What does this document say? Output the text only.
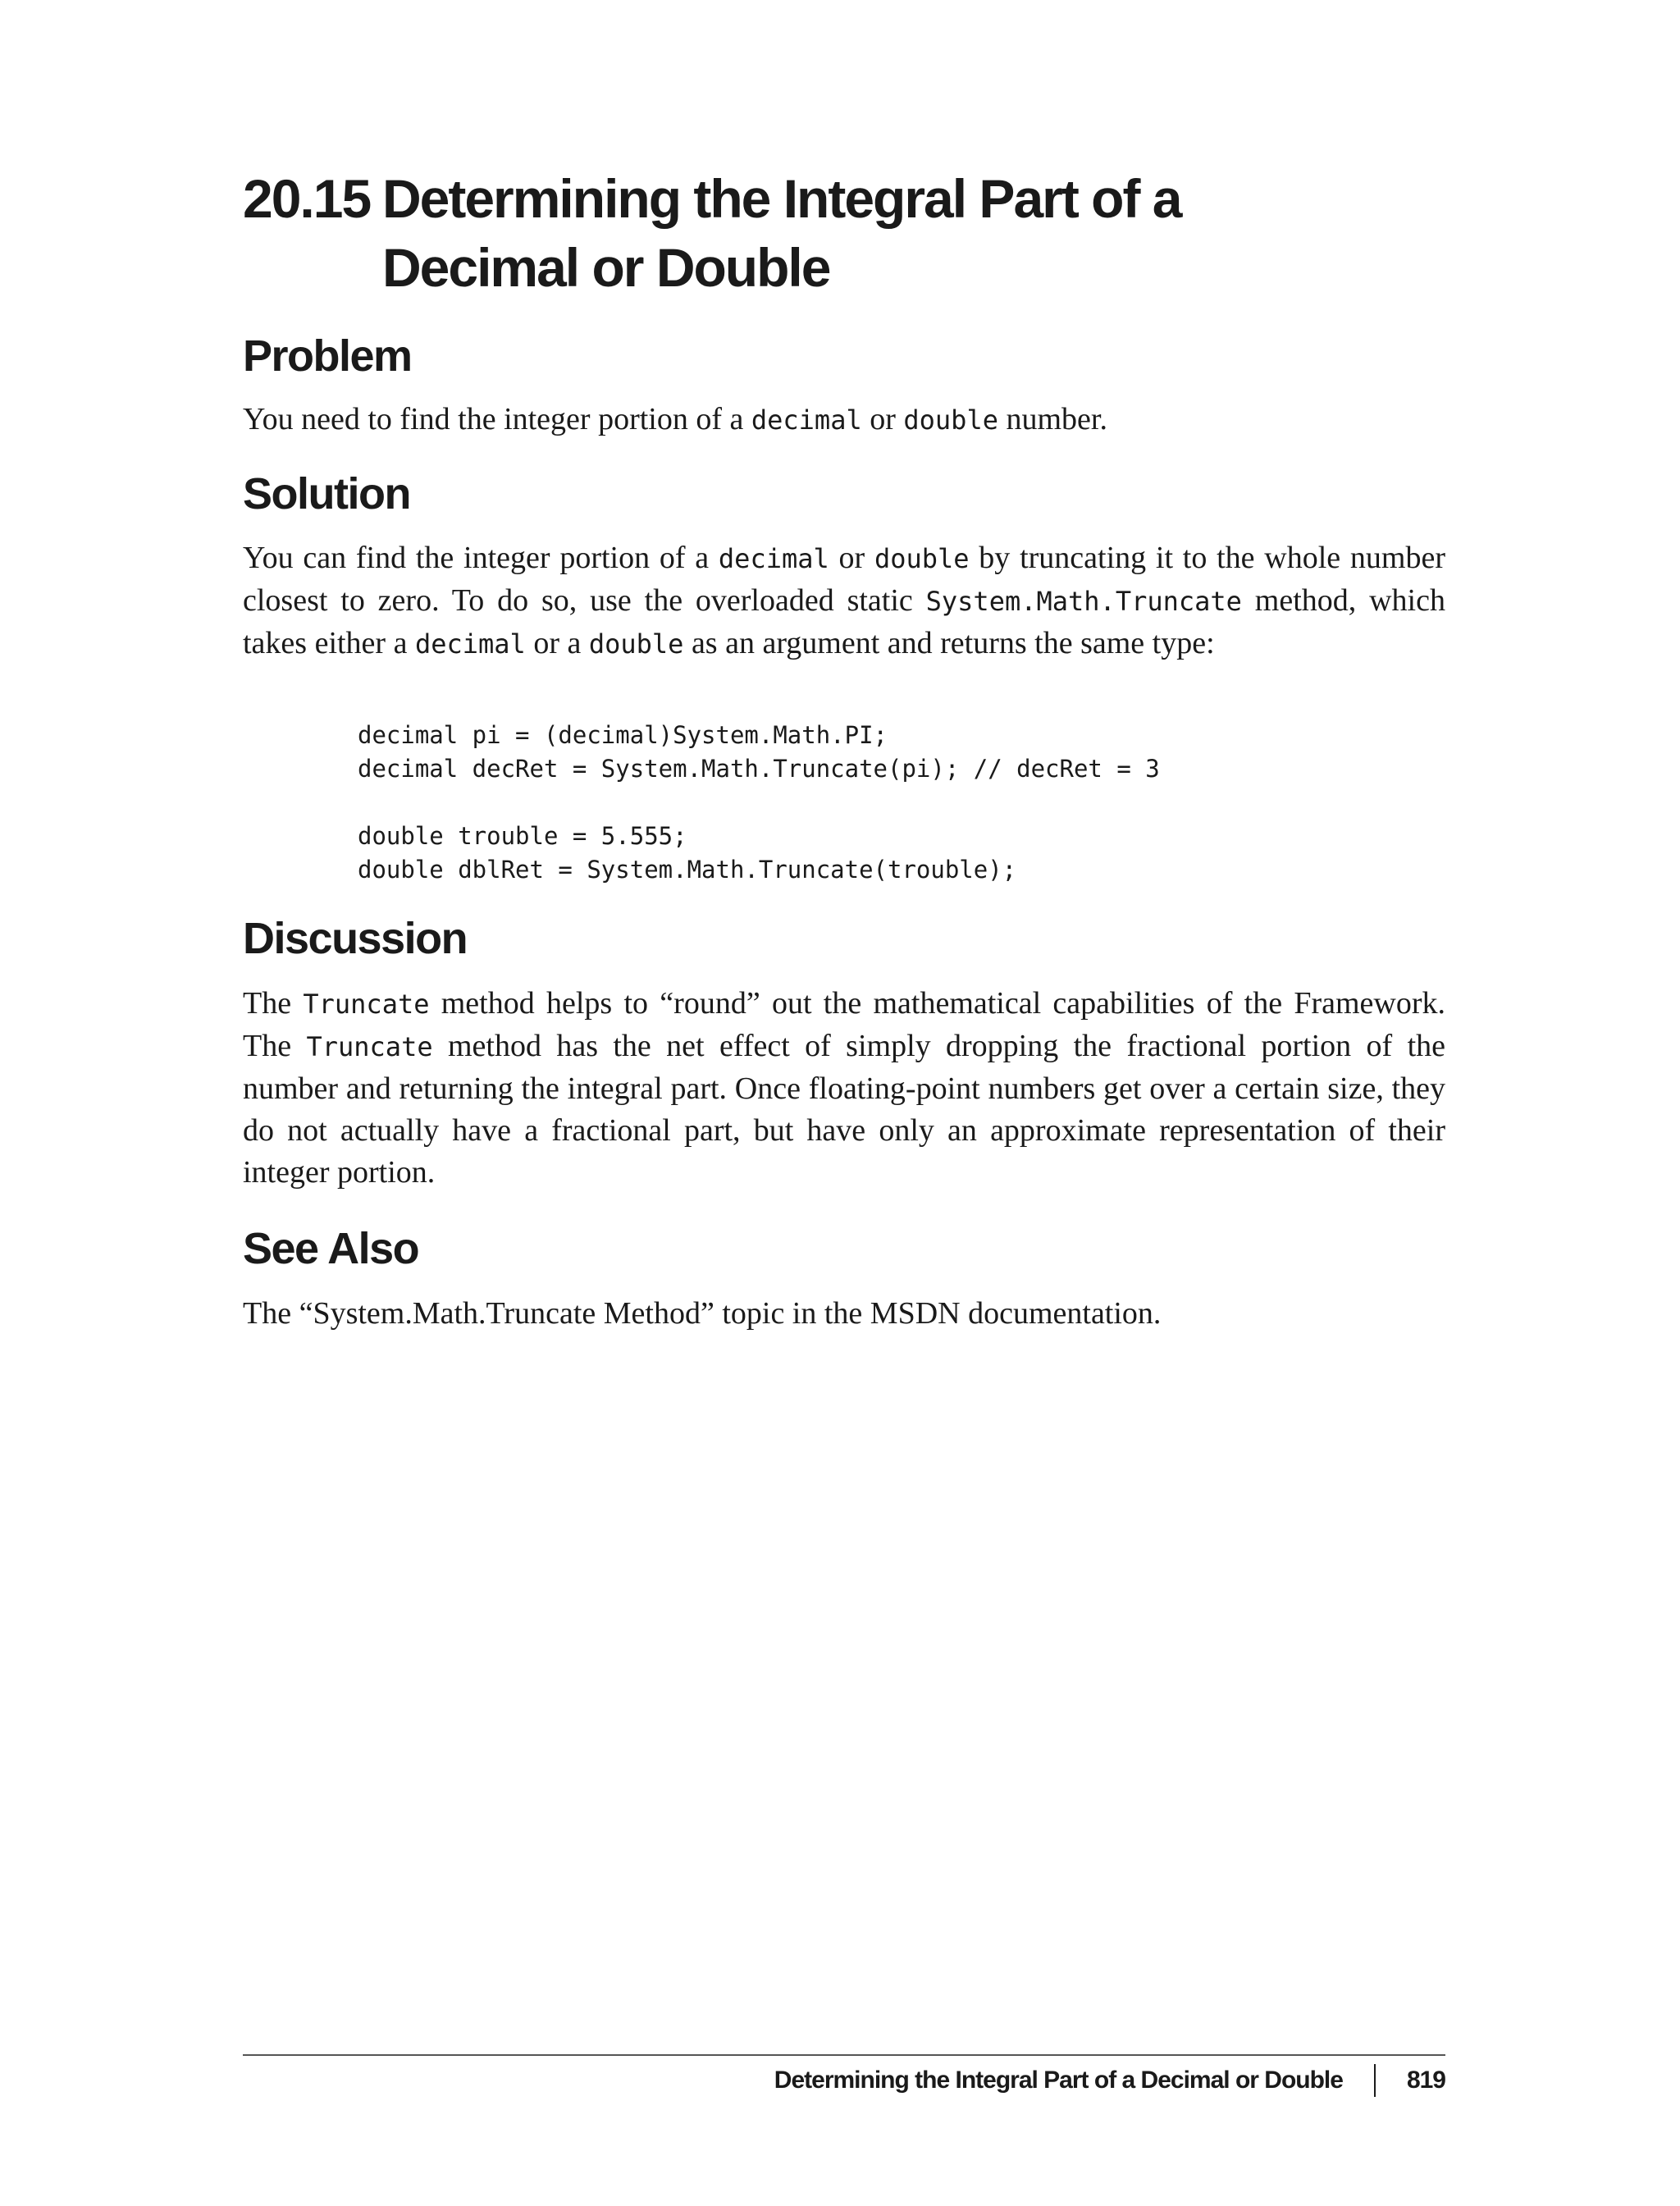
20.15 Determining the Integral Part of a Decimal or Double
Problem

You need to find the integer portion of a decimal or double number.

Solution

You can find the integer portion of a decimal or double by truncating it to the whole number closest to zero. To do so, use the overloaded static System.Math.Truncate method, which takes either a decimal or a double as an argument and returns the same type:

decimal pi = (decimal)System.Math.PI;
decimal decRet = System.Math.Truncate(pi); // decRet = 3

double trouble = 5.555;
double dblRet = System.Math.Truncate(trouble);
Discussion

The Truncate method helps to “round” out the mathematical capabilities of the Framework. The Truncate method has the net effect of simply dropping the fractional portion of the number and returning the integral part. Once floating-point numbers get over a certain size, they do not actually have a fractional part, but have only an approximate representation of their integer portion.

See Also

The “System.Math.Truncate Method” topic in the MSDN documentation.

Determining the Integral Part of a Decimal or Double	819
